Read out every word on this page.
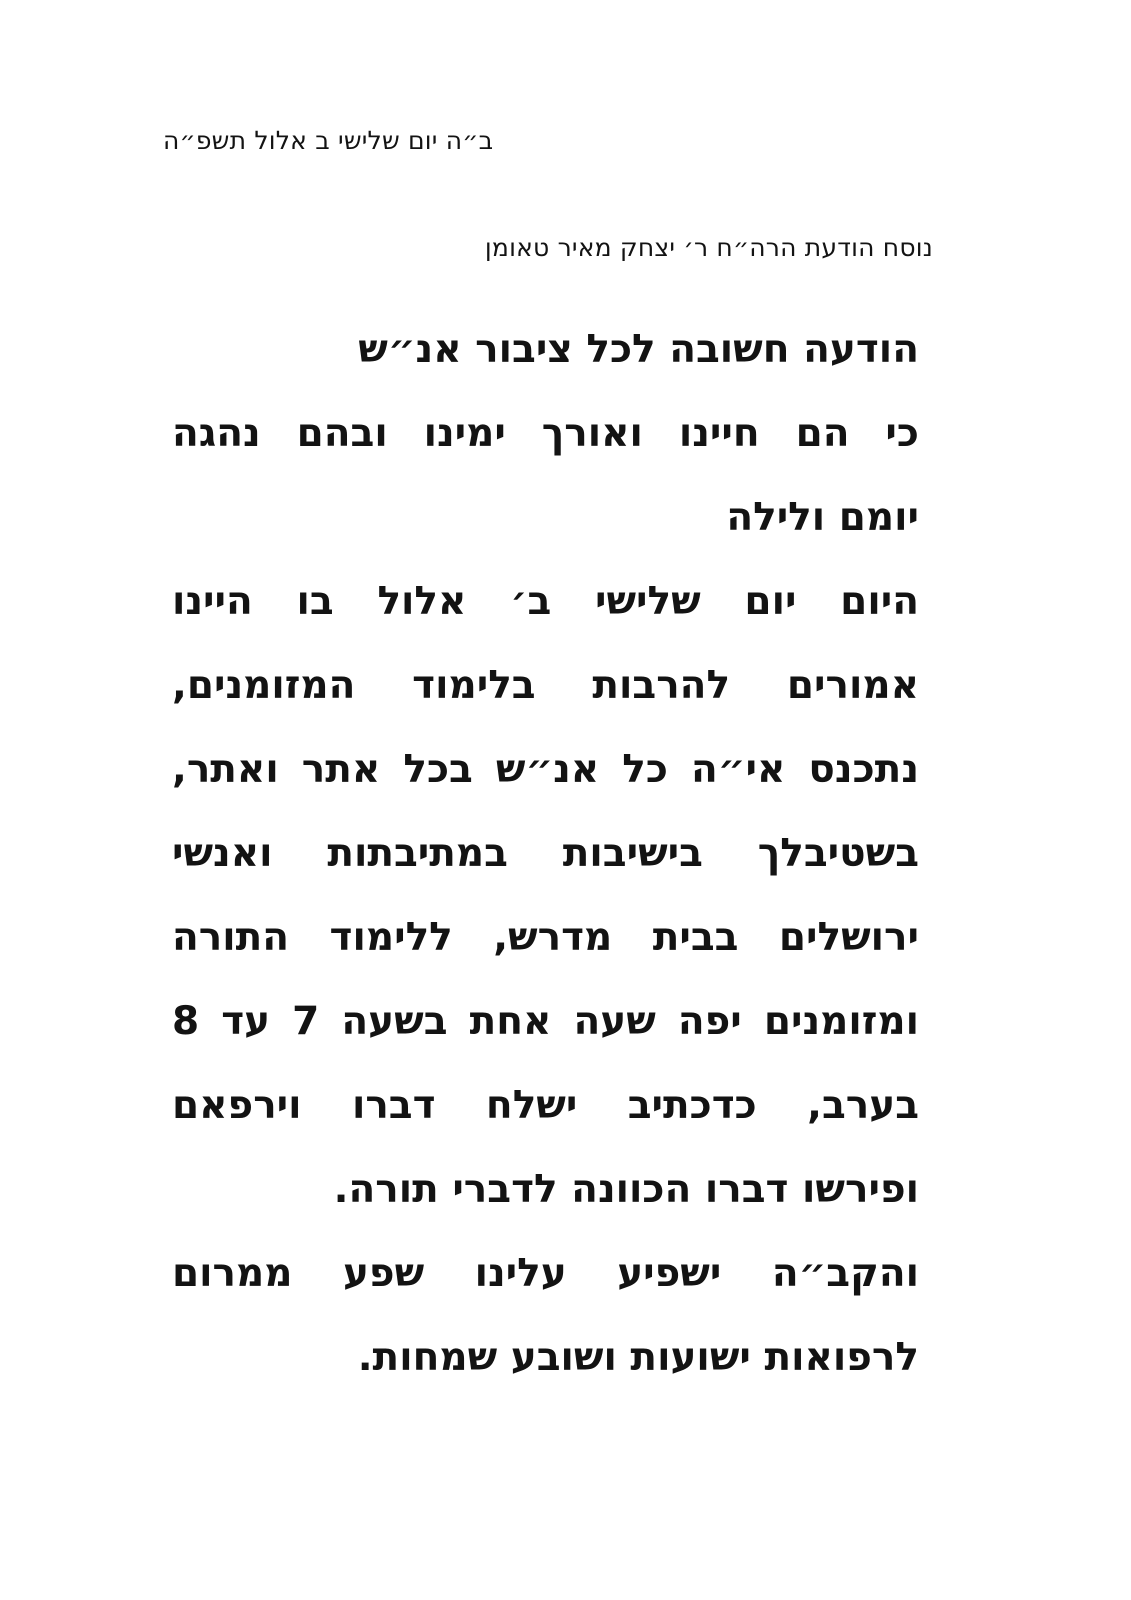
ב״ה יום שלישי ב אלול תשפ״ה
נוסח הודעת הרה״ח ר׳ יצחק מאיר טאומן
הודעה חשובה לכל ציבור אנ״ש
כי הם חיינו ואורך ימינו ובהם נהגה
יומם ולילה
היום יום שלישי ב׳ אלול בו היינו
אמורים להרבות בלימוד המזומנים,
נתכנס אי״ה כל אנ״ש בכל אתר ואתר,
בשטיבלך בישיבות במתיבתות ואנשי
ירושלים בבית מדרש, ללימוד התורה
ומזומנים יפה שעה אחת בשעה 7 עד 8
בערב, כדכתיב ישלח דברו וירפאם
ופירשו דברו הכוונה לדברי תורה.
והקב״ה ישפיע עלינו שפע ממרום
לרפואות ישועות ושובע שמחות.
